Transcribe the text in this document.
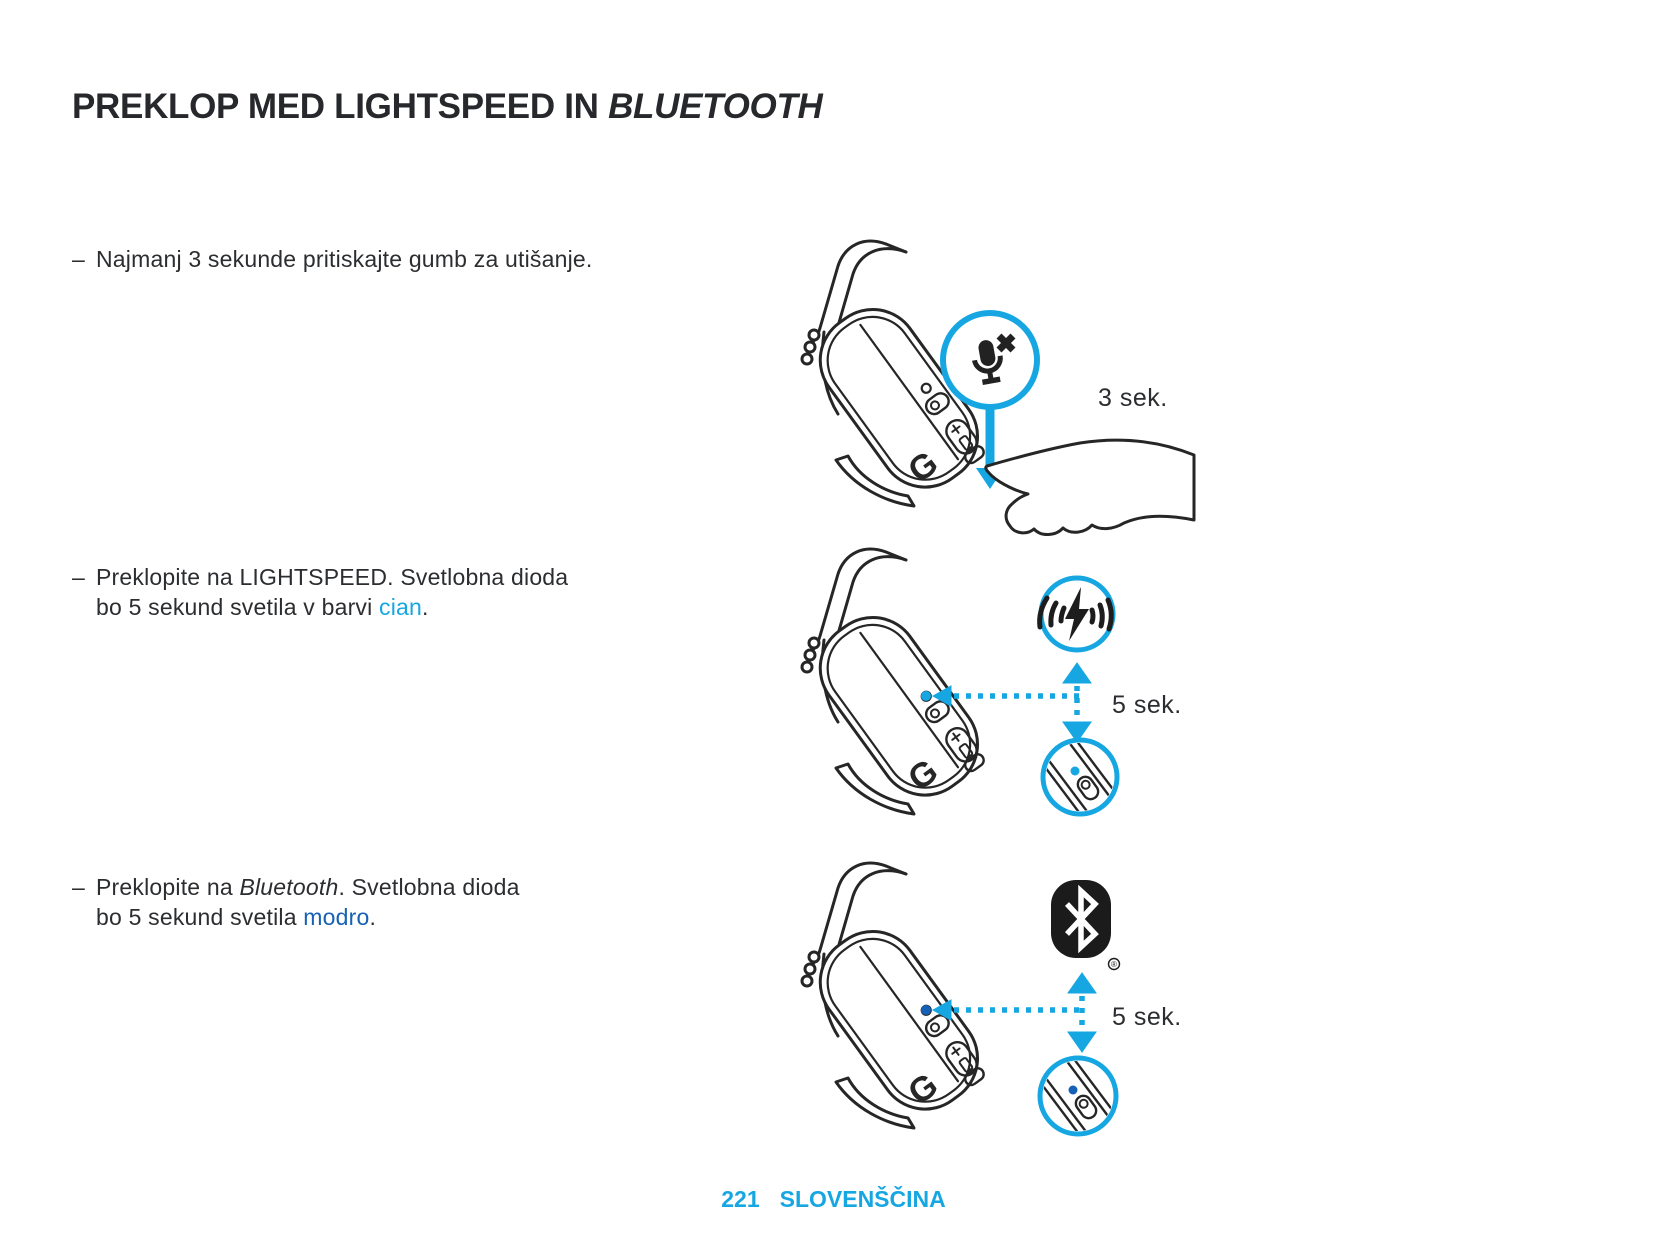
PREKLOP MED LIGHTSPEED IN BLUETOOTH
– Najmanj 3 sekunde pritiskajte gumb za utišanje.
– Preklopite na LIGHTSPEED. Svetlobna dioda
bo 5 sekund svetila v barvi cian.
– Preklopite na Bluetooth. Svetlobna dioda
bo 5 sekund svetila modro.
3 sek.
5 sek.
®
5 sek.
221 SLOVENŠČINA
